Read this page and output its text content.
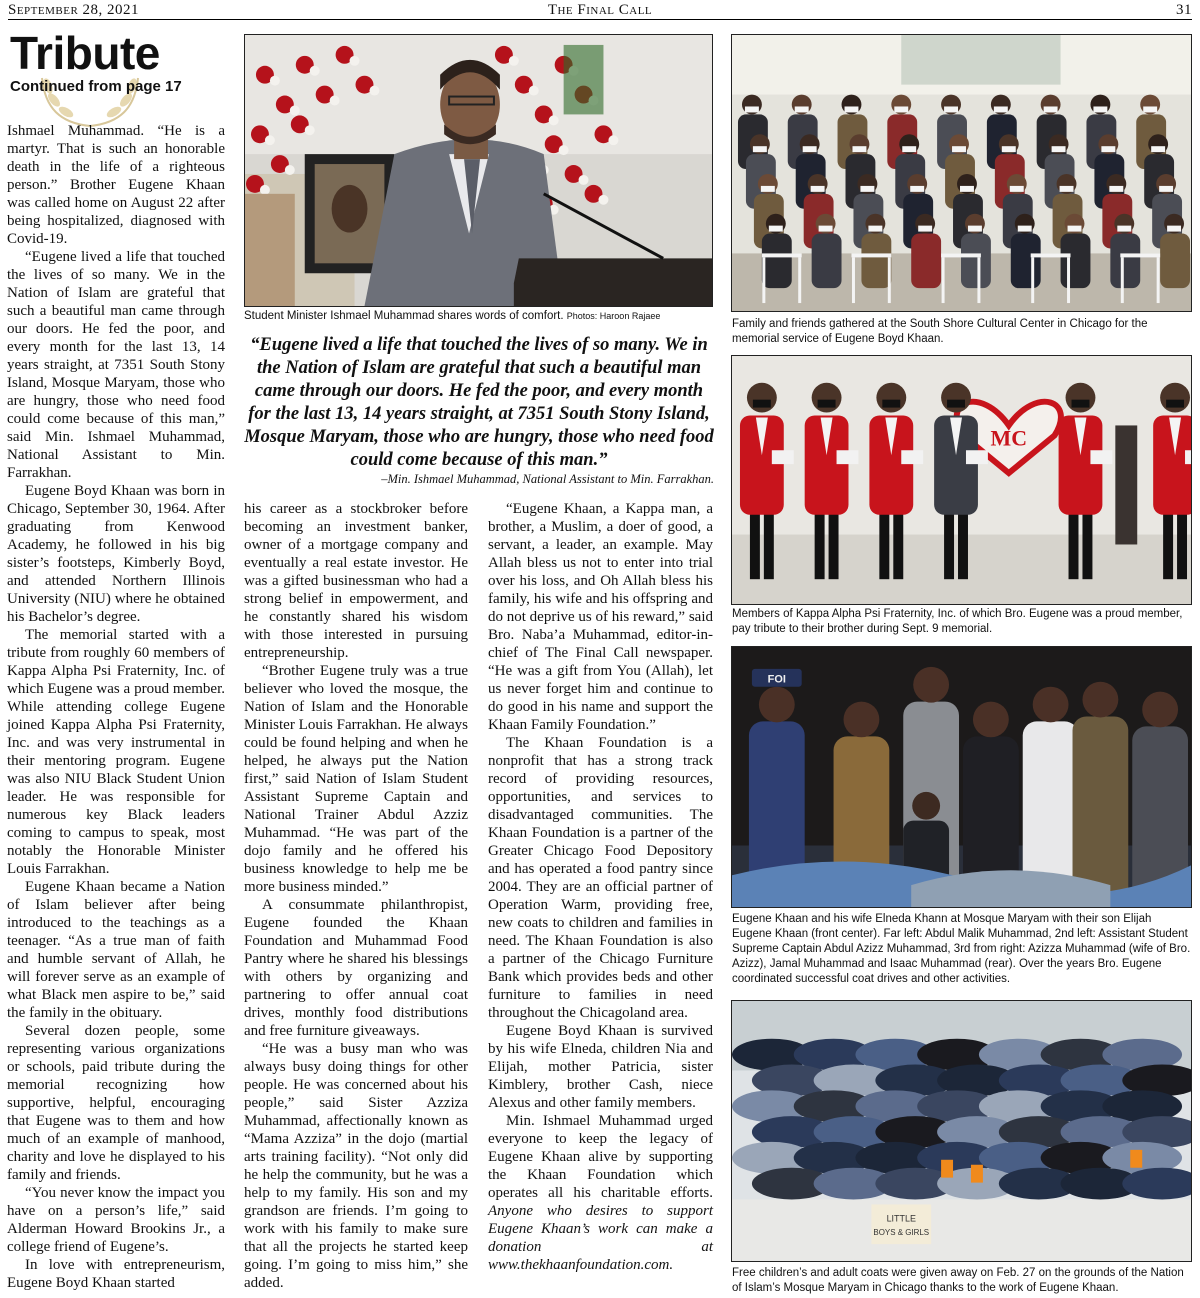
September 28, 2021	The Final Call	31
Tribute
Continued from page 17

Ishmael Muhammad. “He is a martyr. That is such an honorable death in the life of a righteous person.” Brother Eugene Khaan was called home on August 22 after being hospitalized, diagnosed with Covid-19.

“Eugene lived a life that touched the lives of so many. We in the Nation of Islam are grateful that such a beautiful man came through our doors. He fed the poor, and every month for the last 13, 14 years straight, at 7351 South Stony Island, Mosque Maryam, those who are hungry, those who need food could come because of this man,” said Min. Ishmael Muhammad, National Assistant to Min. Farrakhan.

Eugene Boyd Khaan was born in Chicago, September 30, 1964. After graduating from Kenwood Academy, he followed in his big sister’s footsteps, Kimberly Boyd, and attended Northern Illinois University (NIU) where he obtained his Bachelor’s degree.

The memorial started with a tribute from roughly 60 members of Kappa Alpha Psi Fraternity, Inc. of which Eugene was a proud member. While attending college Eugene joined Kappa Alpha Psi Fraternity, Inc. and was very instrumental in their mentoring program. Eugene was also NIU Black Student Union leader. He was responsible for numerous key Black leaders coming to campus to speak, most notably the Honorable Minister Louis Farrakhan.

Eugene Khaan became a Nation of Islam believer after being introduced to the teachings as a teenager. “As a true man of faith and humble servant of Allah, he will forever serve as an example of what Black men aspire to be,” said the family in the obituary.

Several dozen people, some representing various organizations or schools, paid tribute during the memorial recognizing how supportive, helpful, encouraging that Eugene was to them and how much of an example of manhood, charity and love he displayed to his family and friends.

“You never know the impact you have on a person’s life,” said Alderman Howard Brookins Jr., a college friend of Eugene’s.

In love with entrepreneurism, Eugene Boyd Khaan started

Student Minister Ishmael Muhammad shares words of comfort. Photos: Haroon Rajaee
“Eugene lived a life that touched the lives of so many. We in the Nation of Islam are grateful that such a beautiful man came through our doors. He fed the poor, and every month for the last 13, 14 years straight, at 7351 South Stony Island, Mosque Maryam, those who are hungry, those who need food could come because of this man.”
–Min. Ishmael Muhammad, National Assistant to Min. Farrakhan.

his career as a stockbroker before becoming an investment banker, owner of a mortgage company and eventually a real estate investor. He was a gifted businessman who had a strong belief in empowerment, and he constantly shared his wisdom with those interested in pursuing entrepreneurship.

“Brother Eugene truly was a true believer who loved the mosque, the Nation of Islam and the Honorable Minister Louis Farrakhan. He always could be found helping and when he helped, he always put the Nation first,” said Nation of Islam Student Assistant Supreme Captain and National Trainer Abdul Azziz Muhammad. “He was part of the dojo family and he offered his business knowledge to help me be more business minded.”

A consummate philanthropist, Eugene founded the Khaan Foundation and Muhammad Food Pantry where he shared his blessings with others by organizing and partnering to offer annual coat drives, monthly food distributions and free furniture giveaways.

“He was a busy man who was always busy doing things for other people. He was concerned about his people,” said Sister Azziza Muhammad, affectionally known as “Mama Azziza” in the dojo (martial arts training facility). “Not only did he help the community, but he was a help to my family. His son and my grandson are friends. I’m going to work with his family to make sure that all the projects he started keep going. I’m going to miss him,” she added.

“Eugene Khaan, a Kappa man, a brother, a Muslim, a doer of good, a servant, a leader, an example. May Allah bless us not to enter into trial over his loss, and Oh Allah bless his family, his wife and his offspring and do not deprive us of his reward,” said Bro. Naba’a Muhammad, editor-in-chief of The Final Call newspaper. “He was a gift from You (Allah), let us never forget him and continue to do good in his name and support the Khaan Family Foundation.”

The Khaan Foundation is a nonprofit that has a strong track record of providing resources, opportunities, and services to disadvantaged communities. The Khaan Foundation is a partner of the Greater Chicago Food Depository and has operated a food pantry since 2004. They are an official partner of Operation Warm, providing free, new coats to children and families in need. The Khaan Foundation is also a partner of the Chicago Furniture Bank which provides beds and other furniture to families in need throughout the Chicagoland area.

Eugene Boyd Khaan is survived by his wife Elneda, children Nia and Elijah, mother Patricia, sister Kimblery, brother Cash, niece Alexus and other family members.

Min. Ishmael Muhammad urged everyone to keep the legacy of Eugene Khaan alive by supporting the Khaan Foundation which operates all his charitable efforts. Anyone who desires to support Eugene Khaan’s work can make a donation at www.thekhaanfoundation.com.

Family and friends gathered at the South Shore Cultural Center in Chicago for the memorial service of Eugene Boyd Khaan.
MC
Members of Kappa Alpha Psi Fraternity, Inc. of which Bro. Eugene was a proud member, pay tribute to their brother during Sept. 9 memorial.
FOI
Eugene Khaan and his wife Elneda Khann at Mosque Maryam with their son Elijah Eugene Khaan (front center). Far left: Abdul Malik Muhammad, 2nd left: Assistant Student Supreme Captain Abdul Azizz Muhammad, 3rd from right: Azizza Muhammad (wife of Bro. Azizz), Jamal Muhammad and Isaac Muhammad (rear). Over the years Bro. Eugene coordinated successful coat drives and other activities.
LITTLE
BOYS & GIRLS
Free children’s and adult coats were given away on Feb. 27 on the grounds of the Nation of Islam’s Mosque Maryam in Chicago thanks to the work of Eugene Khaan.
